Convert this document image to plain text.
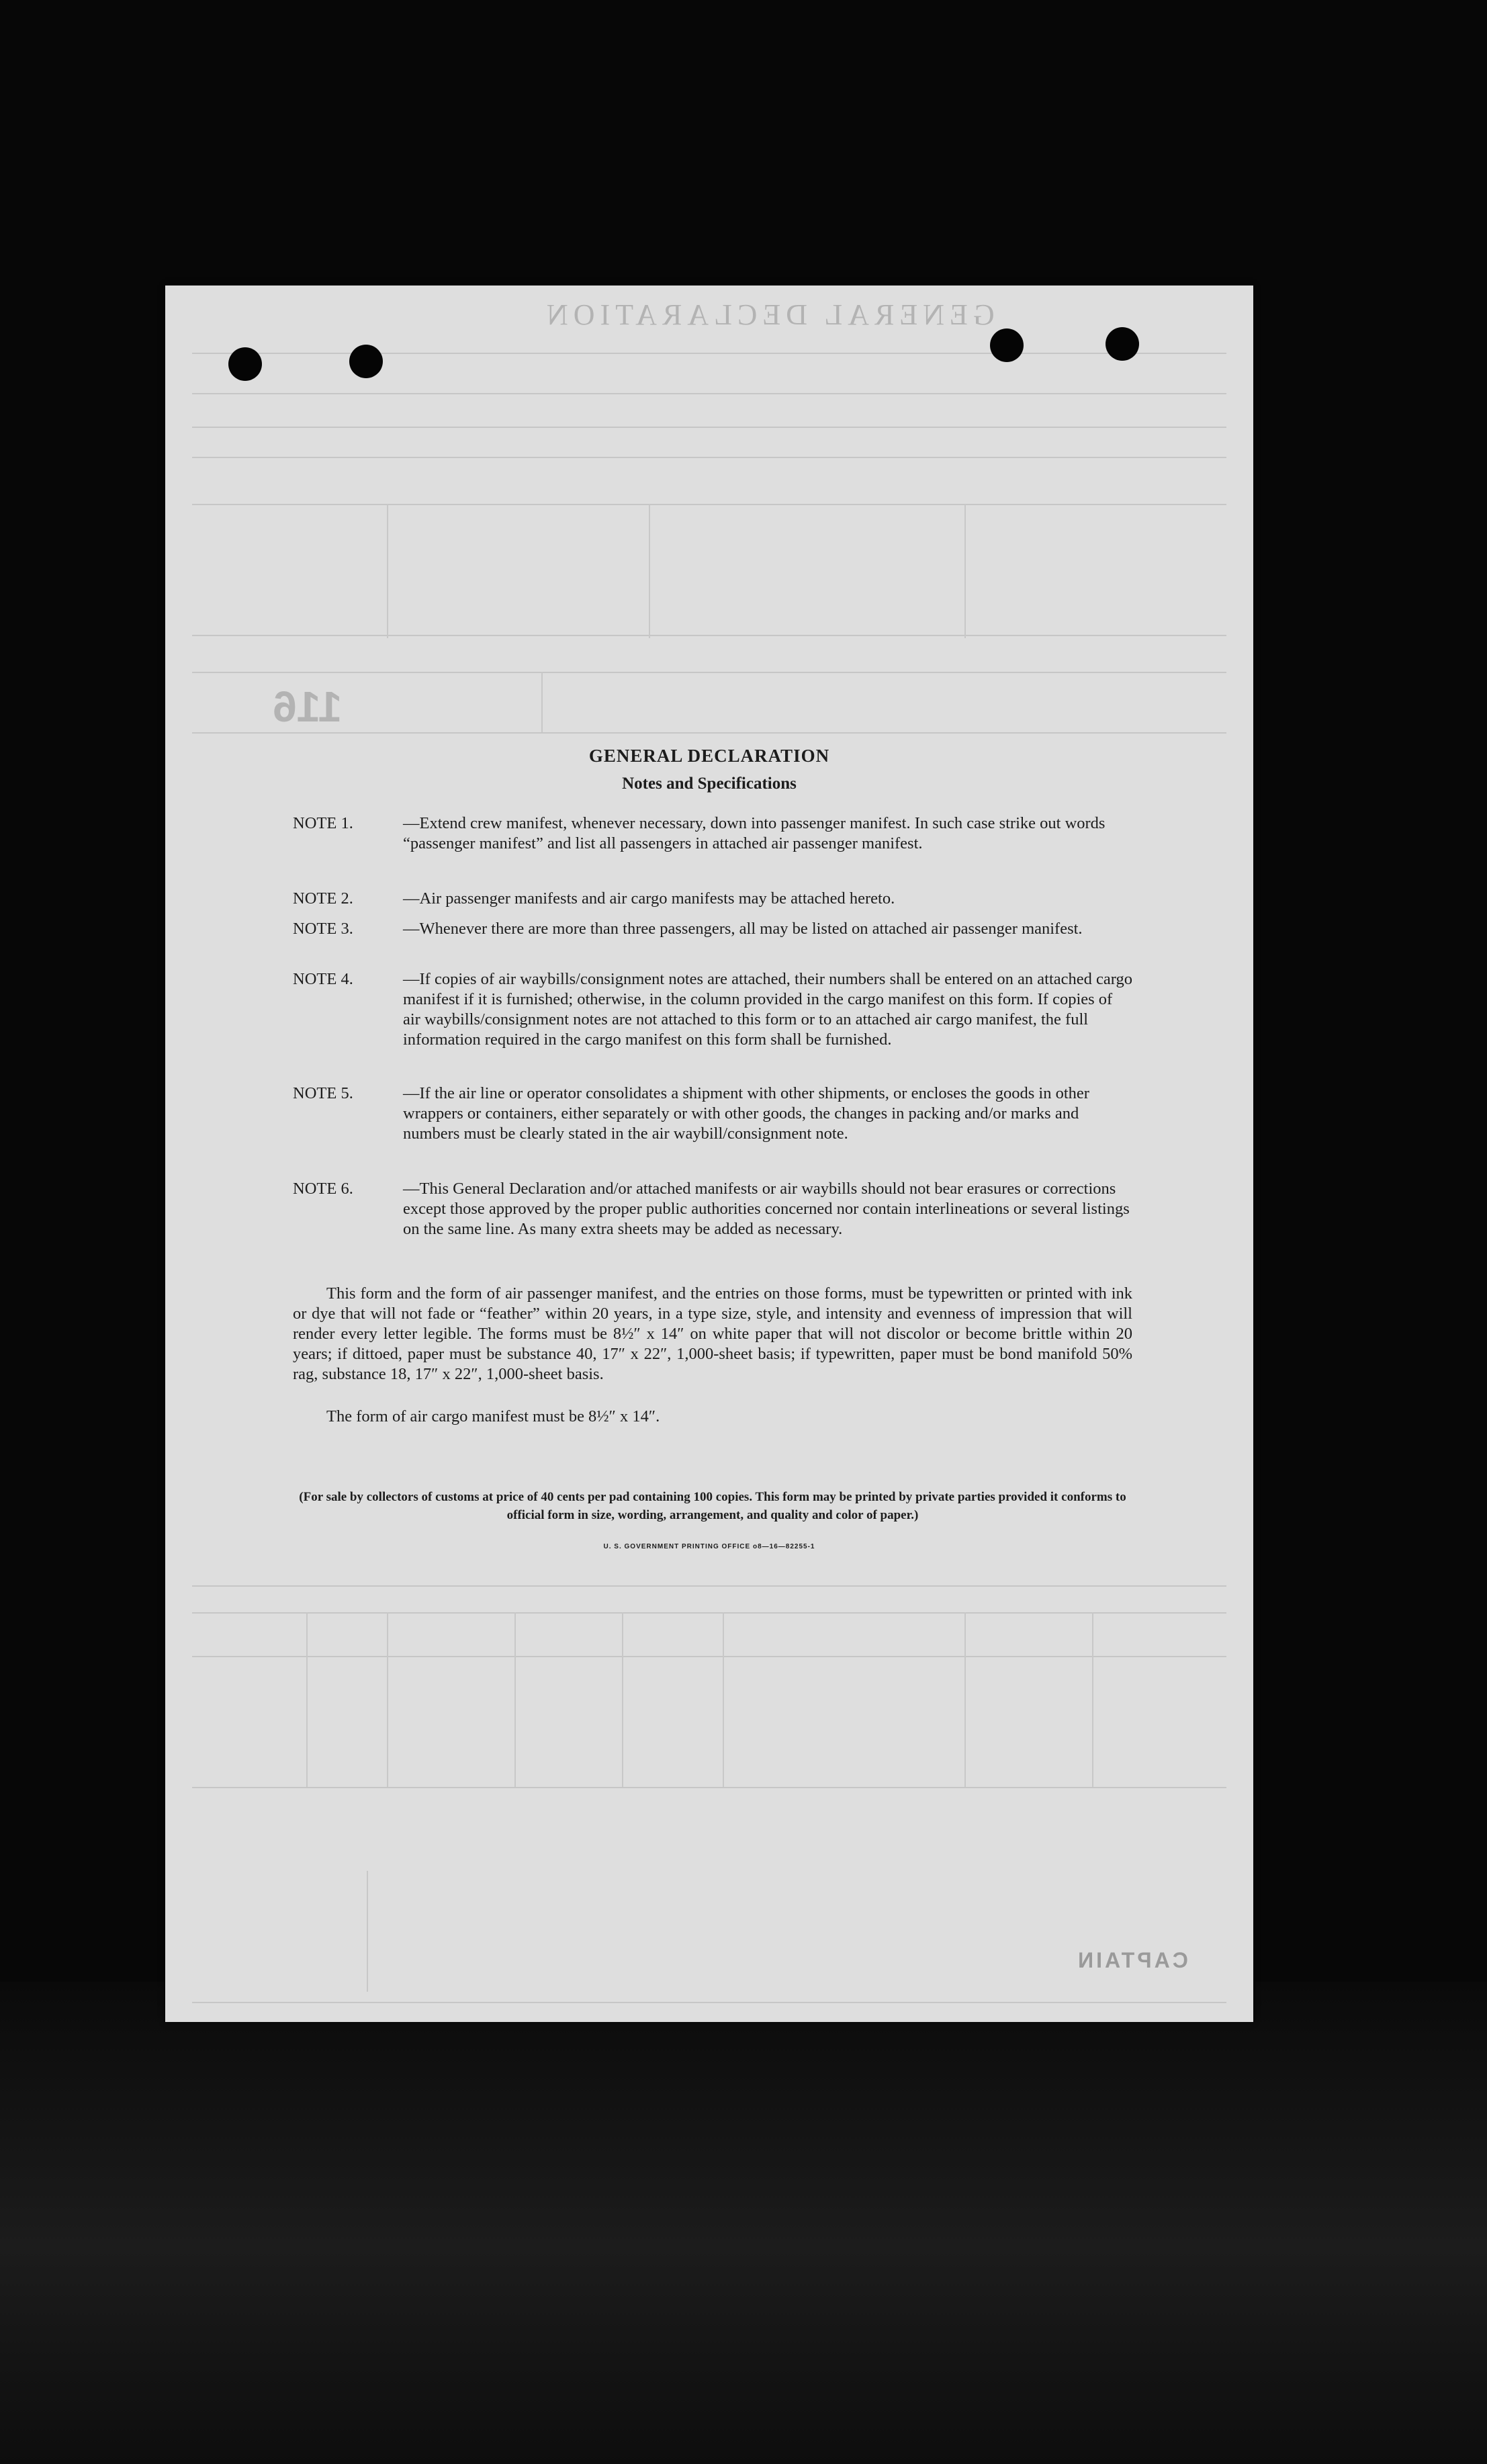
GENERAL DECLARATION
116
CAPTAIN
GENERAL DECLARATION
Notes and Specifications
NOTE 1.	—Extend crew manifest, whenever necessary, down into passenger manifest. In such case strike out words “passenger manifest” and list all passengers in attached air passenger manifest.
NOTE 2.	—Air passenger manifests and air cargo manifests may be attached hereto.
NOTE 3.	—Whenever there are more than three passengers, all may be listed on attached air passenger manifest.
NOTE 4.	—If copies of air waybills/consignment notes are attached, their numbers shall be entered on an attached cargo manifest if it is furnished; otherwise, in the column provided in the cargo manifest on this form. If copies of air waybills/consignment notes are not attached to this form or to an attached air cargo manifest, the full information required in the cargo manifest on this form shall be furnished.
NOTE 5.	—If the air line or operator consolidates a shipment with other shipments, or encloses the goods in other wrappers or containers, either separately or with other goods, the changes in packing and/or marks and numbers must be clearly stated in the air waybill/consignment note.
NOTE 6.	—This General Declaration and/or attached manifests or air waybills should not bear erasures or corrections except those approved by the proper public authorities concerned nor contain interlineations or several listings on the same line. As many extra sheets may be added as necessary.
This form and the form of air passenger manifest, and the entries on those forms, must be typewritten or printed with ink or dye that will not fade or “feather” within 20 years, in a type size, style, and intensity and evenness of impression that will render every letter legible. The forms must be 8½″ x 14″ on white paper that will not discolor or become brittle within 20 years; if dittoed, paper must be substance 40, 17″ x 22″, 1,000-sheet basis; if typewritten, paper must be bond manifold 50% rag, substance 18, 17″ x 22″, 1,000-sheet basis.
The form of air cargo manifest must be 8½″ x 14″.
(For sale by collectors of customs at price of 40 cents per pad containing 100 copies. This form may be printed by private parties provided it conforms to official form in size, wording, arrangement, and quality and color of paper.)
U. S. GOVERNMENT PRINTING OFFICE o8—16—82255-1
